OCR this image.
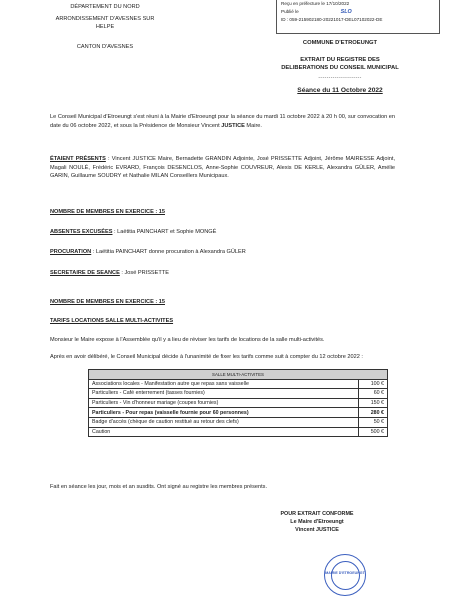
DÉPARTEMENT DU NORD
ARRONDISSEMENT D'AVESNES SUR HELPE
CANTON D'AVESNES
Reçu en préfecture le 17/10/2022
Publié le	SLO
ID : 059-215902180-20221017-DEL07102022-DE
COMMUNE D'ETROEUNGT
EXTRAIT DU REGISTRE DES
DELIBERATIONS DU CONSEIL MUNICIPAL
---------------------
Séance du 11 Octobre 2022
Le Conseil Municipal d'Etroeungt s'est réuni à la Mairie d'Etroeungt pour la séance du mardi 11 octobre 2022 à 20 h 00, sur convocation en date du 06 octobre 2022, et sous la Présidence de Monsieur Vincent JUSTICE Maire.
ÉTAIENT PRÉSENTS : Vincent JUSTICE Maire, Bernadette GRANDIN Adjointe, José PRISSETTE Adjoint, Jérôme MAIRESSE Adjoint, Magali NOULÉ, Frédéric EVRARD, François DESENCLOS, Anne-Sophie COUVREUR, Alexis DE KERLE, Alexandra GÜLER, Amélie GARIN, Guillaume SOUDRY et Nathalie MILAN Conseillers Municipaux.
NOMBRE DE MEMBRES EN EXERCICE : 15
ABSENTES EXCUSÉES : Laëtitia PAINCHART et Sophie MONGÉ
PROCURATION : Laëtitia PAINCHART donne procuration à Alexandra GÜLER
SECRETAIRE DE SEANCE : José PRISSETTE
NOMBRE DE MEMBRES EN EXERCICE : 15
TARIFS LOCATIONS SALLE MULTI-ACTIVITES
Monsieur le Maire expose à l'Assemblée qu'il y a lieu de réviser les tarifs de locations de la salle multi-activités.
Après en avoir délibéré, le Conseil Municipal décide à l'unanimité de fixer les tarifs comme suit à compter du 12 octobre 2022 :
SALLE MULTI-ACTIVITES	
Associations locales - Manifestation autre que repas sans vaisselle	100 €
Particuliers - Café enterrement (tasses fournies)	60 €
Particuliers - Vin d'honneur mariage (coupes fournies)	150 €
Particuliers - Pour repas (vaisselle fournie pour 60 personnes)	280 €
Badge d'accès (chèque de caution restitué au retour des clefs)	50 €
Caution	500 €
Fait en séance les jour, mois et an susdits. Ont signé au registre les membres présents.
POUR EXTRAIT CONFORME
Le Maire d'Etroeungt
Vincent JUSTICE
MAIRIE D'ETROEUNGT
